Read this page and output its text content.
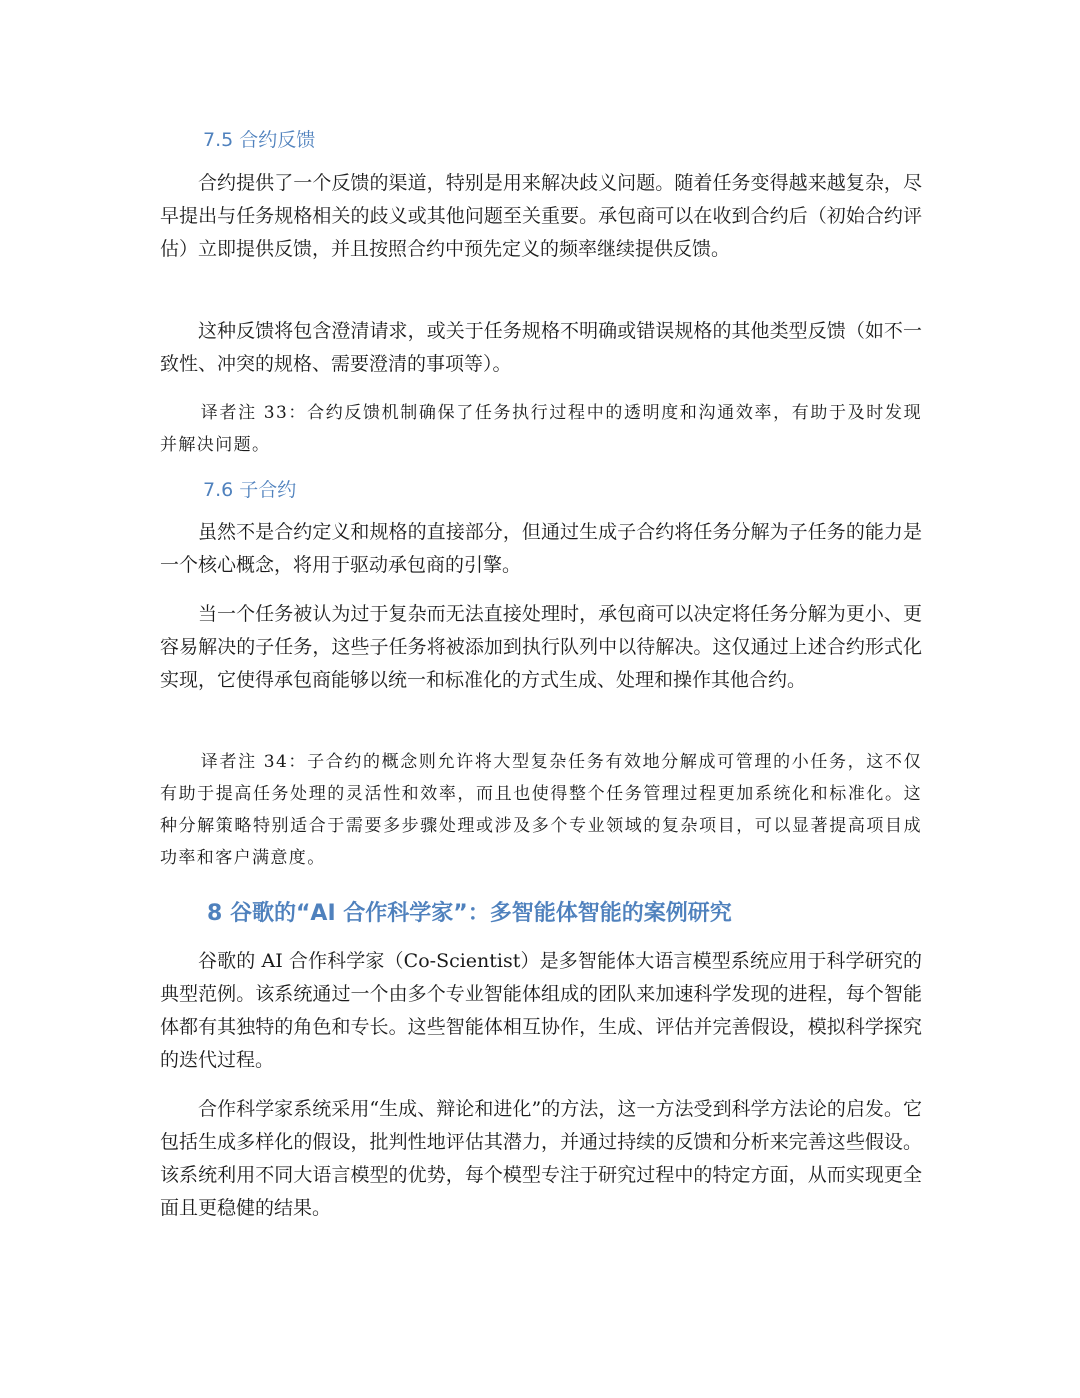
7.5 合约反馈

合约提供了一个反馈的渠道，特别是用来解决歧义问题。随着任务变得越来越复杂，尽早提出与任务规格相关的歧义或其他问题至关重要。承包商可以在收到合约后（初始合约评估）立即提供反馈，并且按照合约中预先定义的频率继续提供反馈。

这种反馈将包含澄清请求，或关于任务规格不明确或错误规格的其他类型反馈（如不一致性、冲突的规格、需要澄清的事项等）。

译者注 33：合约反馈机制确保了任务执行过程中的透明度和沟通效率，有助于及时发现并解决问题。

7.6 子合约

虽然不是合约定义和规格的直接部分，但通过生成子合约将任务分解为子任务的能力是一个核心概念，将用于驱动承包商的引擎。

当一个任务被认为过于复杂而无法直接处理时，承包商可以决定将任务分解为更小、更容易解决的子任务，这些子任务将被添加到执行队列中以待解决。这仅通过上述合约形式化实现，它使得承包商能够以统一和标准化的方式生成、处理和操作其他合约。

译者注 34：子合约的概念则允许将大型复杂任务有效地分解成可管理的小任务，这不仅有助于提高任务处理的灵活性和效率，而且也使得整个任务管理过程更加系统化和标准化。这种分解策略特别适合于需要多步骤处理或涉及多个专业领域的复杂项目，可以显著提高项目成功率和客户满意度。

8 谷歌的“AI 合作科学家”：多智能体智能的案例研究

谷歌的 AI 合作科学家（Co-Scientist）是多智能体大语言模型系统应用于科学研究的典型范例。该系统通过一个由多个专业智能体组成的团队来加速科学发现的进程，每个智能体都有其独特的角色和专长。这些智能体相互协作，生成、评估并完善假设，模拟科学探究的迭代过程。

合作科学家系统采用“生成、辩论和进化”的方法，这一方法受到科学方法论的启发。它包括生成多样化的假设，批判性地评估其潜力，并通过持续的反馈和分析来完善这些假设。该系统利用不同大语言模型的优势，每个模型专注于研究过程中的特定方面，从而实现更全面且更稳健的结果。
